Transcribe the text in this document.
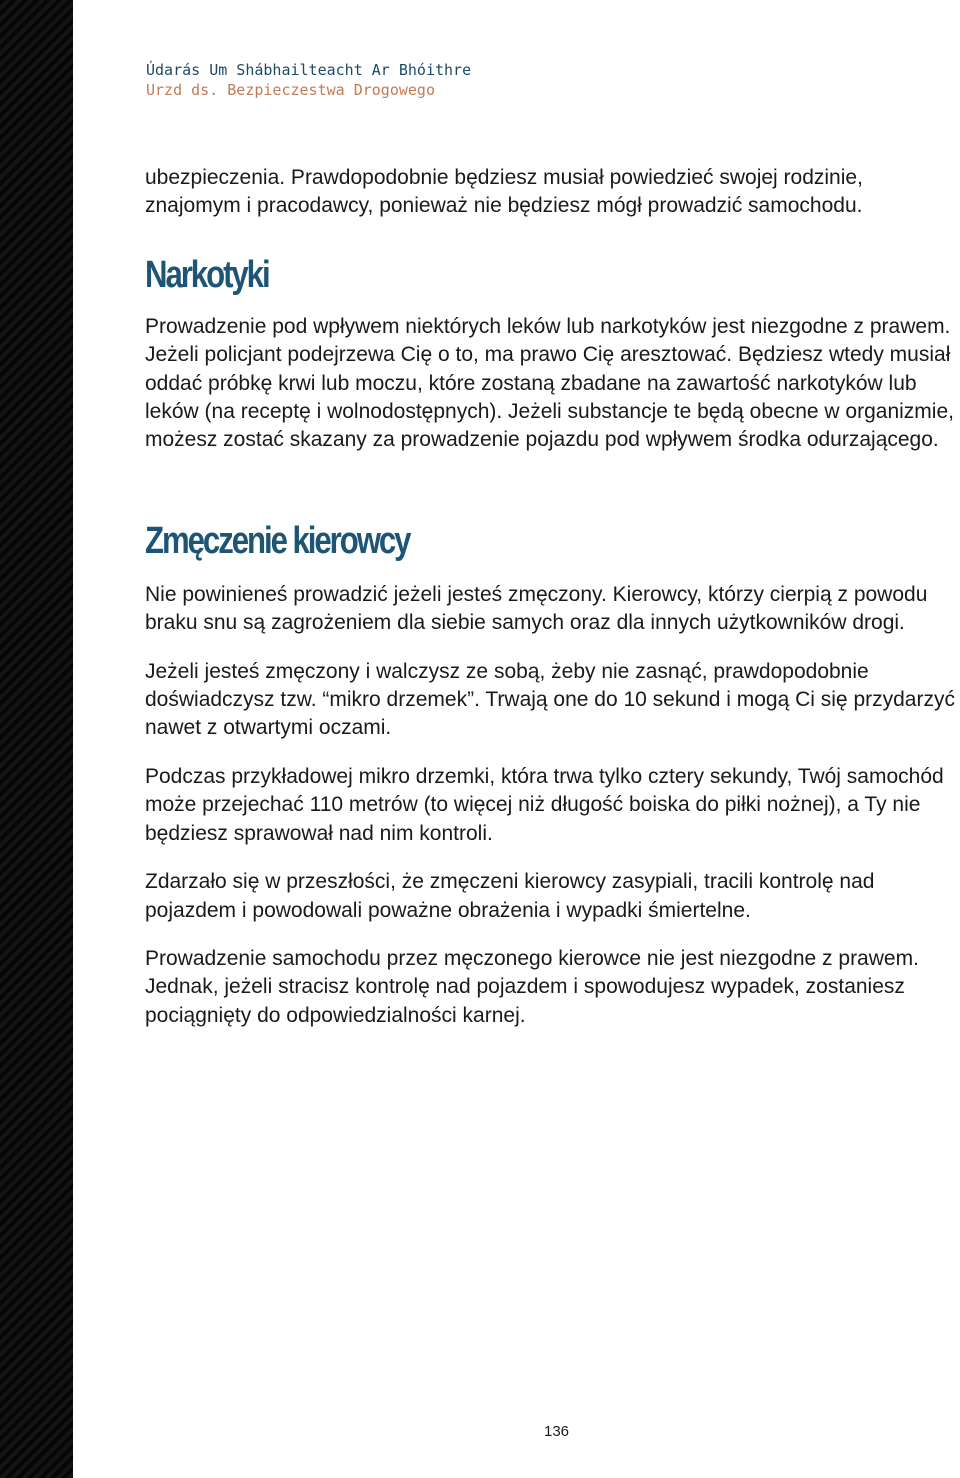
Údarás Um Shábhailteacht Ar Bhóithre
Urzd ds. Bezpieczestwa Drogowego

ubezpieczenia. Prawdopodobnie będziesz musiał powiedzieć swojej rodzinie, znajomym i pracodawcy, ponieważ nie będziesz mógł prowadzić samochodu.

Narkotyki

Prowadzenie pod wpływem niektórych leków lub narkotyków jest niezgodne z prawem. Jeżeli policjant podejrzewa Cię o to, ma prawo Cię aresztować. Będziesz wtedy musiał oddać próbkę krwi lub moczu, które zostaną zbadane na zawartość narkotyków lub leków (na receptę i wolnodostępnych). Jeżeli substancje te będą obecne w organizmie, możesz zostać skazany za prowadzenie pojazdu pod wpływem środka odurzającego.

Zmęczenie kierowcy

Nie powinieneś prowadzić jeżeli jesteś zmęczony. Kierowcy, którzy cierpią z powodu braku snu są zagrożeniem dla siebie samych oraz dla innych użytkowników drogi.

Jeżeli jesteś zmęczony i walczysz ze sobą, żeby nie zasnąć, prawdopodobnie doświadczysz tzw. “mikro drzemek”. Trwają one do 10 sekund i mogą Ci się przydarzyć nawet z otwartymi oczami.

Podczas przykładowej mikro drzemki, która trwa tylko cztery sekundy, Twój samochód może przejechać 110 metrów (to więcej niż długość boiska do piłki nożnej), a Ty nie będziesz sprawował nad nim kontroli.

Zdarzało się w przeszłości, że zmęczeni kierowcy zasypiali, tracili kontrolę nad pojazdem i powodowali poważne obrażenia i wypadki śmiertelne.

Prowadzenie samochodu przez męczonego kierowce nie jest niezgodne z prawem. Jednak, jeżeli stracisz kontrolę nad pojazdem i spowodujesz wypadek, zostaniesz pociągnięty do odpowiedzialności karnej.

136
